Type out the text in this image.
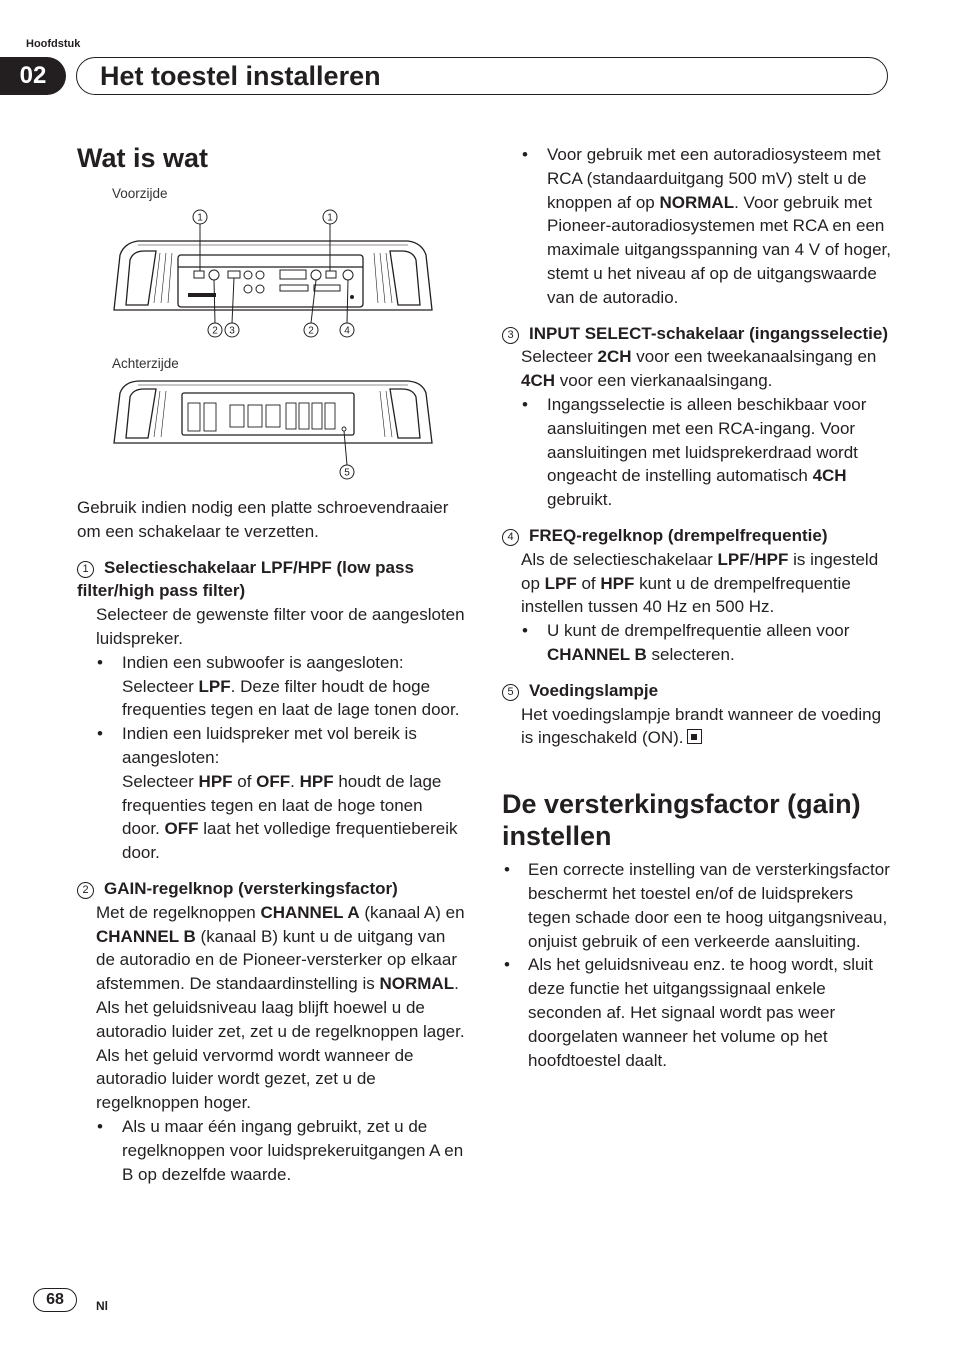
Hoofdstuk
02	Het toestel installeren
Wat is wat
Voorzijde
1	1
2 3	2	4
Achterzijde
5

Gebruik indien nodig een platte schroevendraaier om een schakelaar te verzetten.

1 Selectieschakelaar LPF/HPF (low pass filter/high pass filter)

Selecteer de gewenste filter voor de aangesloten luidspreker.

• Indien een subwoofer is aangesloten: Selecteer LPF. Deze filter houdt de hoge frequenties tegen en laat de lage tonen door.

• Indien een luidspreker met vol bereik is aangesloten:

Selecteer HPF of OFF. HPF houdt de lage frequenties tegen en laat de hoge tonen door. OFF laat het volledige frequentiebereik door.

2 GAIN-regelknop (versterkingsfactor)

Met de regelknoppen CHANNEL A (kanaal A) en CHANNEL B (kanaal B) kunt u de uitgang van de autoradio en de Pioneer-versterker op elkaar afstemmen. De standaardinstelling is NORMAL.

Als het geluidsniveau laag blijft hoewel u de autoradio luider zet, zet u de regelknoppen lager. Als het geluid vervormd wordt wanneer de autoradio luider wordt gezet, zet u de regelknoppen hoger.

• Als u maar één ingang gebruikt, zet u de regelknoppen voor luidsprekeruitgangen A en B op dezelfde waarde.

• Voor gebruik met een autoradiosysteem met RCA (standaarduitgang 500 mV) stelt u de knoppen af op NORMAL. Voor gebruik met Pioneer-autoradiosystemen met RCA en een maximale uitgangsspanning van 4 V of hoger, stemt u het niveau af op de uitgangswaarde van de autoradio.

3 INPUT SELECT-schakelaar (ingangsselectie)

Selecteer 2CH voor een tweekanaalsingang en 4CH voor een vierkanaalsingang.

• Ingangsselectie is alleen beschikbaar voor aansluitingen met een RCA-ingang. Voor aansluitingen met luidsprekerdraad wordt ongeacht de instelling automatisch 4CH gebruikt.

4 FREQ-regelknop (drempelfrequentie)

Als de selectieschakelaar LPF/HPF is ingesteld op LPF of HPF kunt u de drempelfrequentie instellen tussen 40 Hz en 500 Hz.

• U kunt de drempelfrequentie alleen voor CHANNEL B selecteren.

5 Voedingslampje

Het voedingslampje brandt wanneer de voeding is ingeschakeld (ON).

De versterkingsfactor (gain) instellen

• Een correcte instelling van de versterkingsfactor beschermt het toestel en/of de luidsprekers tegen schade door een te hoog uitgangsniveau, onjuist gebruik of een verkeerde aansluiting.

• Als het geluidsniveau enz. te hoog wordt, sluit deze functie het uitgangssignaal enkele seconden af. Het signaal wordt pas weer doorgelaten wanneer het volume op het hoofdtoestel daalt.

68	Nl
